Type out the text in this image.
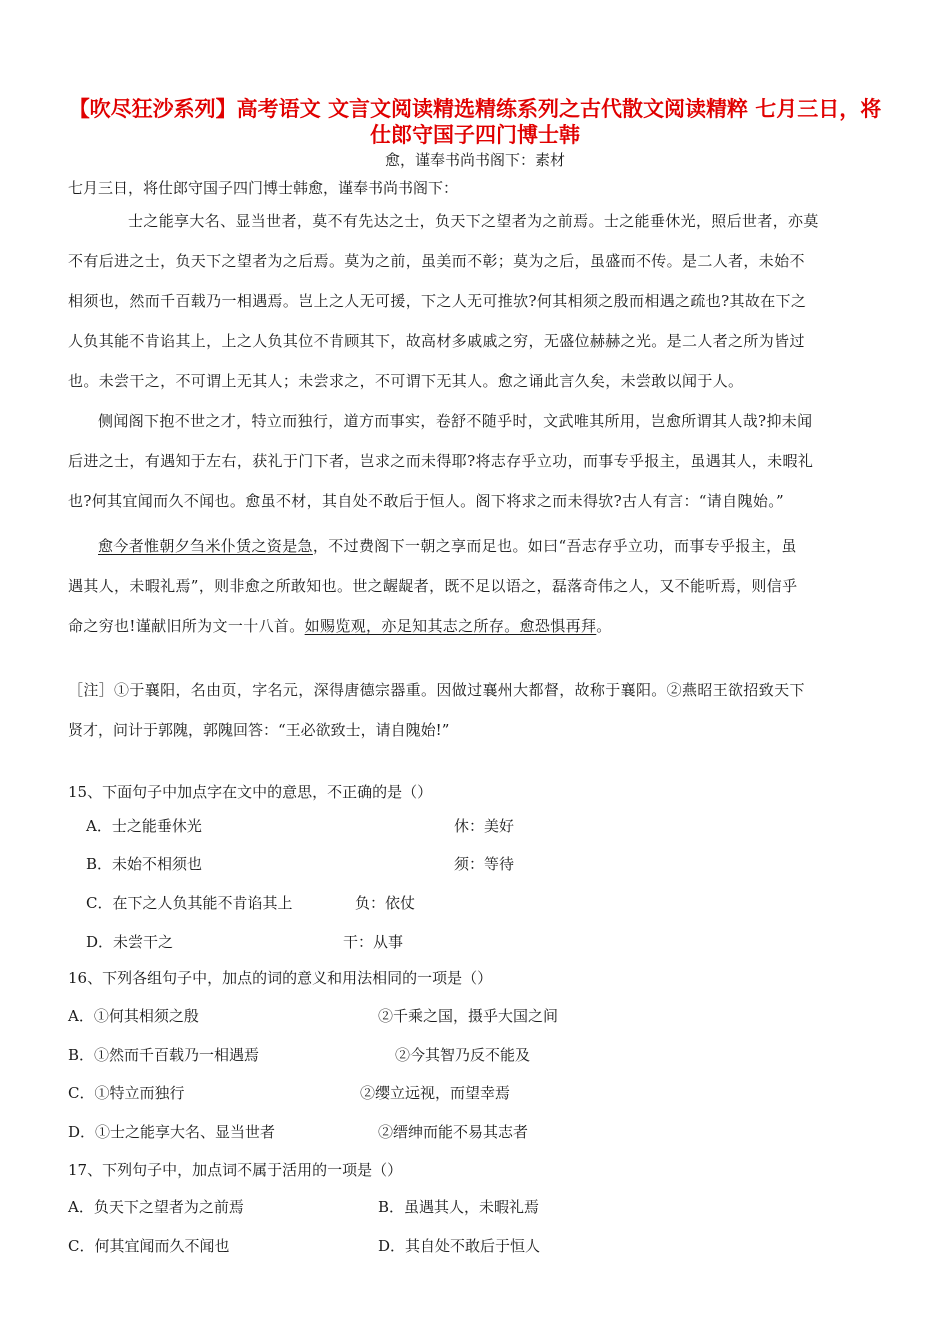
【吹尽狂沙系列】高考语文 文言文阅读精选精练系列之古代散文阅读精粹 七月三日，将仕郎守国子四门博士韩
愈，谨奉书尚书阁下：素材
七月三日，将仕郎守国子四门博士韩愈，谨奉书尚书阁下：
士之能享大名、显当世者，莫不有先达之士，负天下之望者为之前焉。士之能垂休光，照后世者，亦莫
不有后进之士，负天下之望者为之后焉。莫为之前，虽美而不彰；莫为之后，虽盛而不传。是二人者，未始不
相须也，然而千百载乃一相遇焉。岂上之人无可援，下之人无可推欤?何其相须之殷而相遇之疏也?其故在下之
人负其能不肯谄其上，上之人负其位不肯顾其下，故高材多戚戚之穷，无盛位赫赫之光。是二人者之所为皆过
也。未尝干之，不可谓上无其人；未尝求之，不可谓下无其人。愈之诵此言久矣，未尝敢以闻于人。
侧闻阁下抱不世之才，特立而独行，道方而事实，卷舒不随乎时，文武唯其所用，岂愈所谓其人哉?抑未闻
后进之士，有遇知于左右，获礼于门下者，岂求之而未得耶?将志存乎立功，而事专乎报主，虽遇其人，未暇礼
也?何其宜闻而久不闻也。愈虽不材，其自处不敢后于恒人。阁下将求之而未得欤?古人有言：“请自隗始。”
愈今者惟朝夕刍米仆赁之资是急，不过费阁下一朝之享而足也。如曰“吾志存乎立功，而事专乎报主，虽
遇其人，未暇礼焉”，则非愈之所敢知也。世之龌龊者，既不足以语之，磊落奇伟之人，又不能听焉，则信乎
命之穷也!谨献旧所为文一十八首。如赐览观，亦足知其志之所存。愈恐惧再拜。
［注］①于襄阳，名由页，字名元，深得唐德宗器重。因做过襄州大都督，故称于襄阳。②燕昭王欲招致天下
贤才，问计于郭隗，郭隗回答：“王必欲致士，请自隗始!”
15、下面句子中加点字在文中的意思，不正确的是（）
A．士之能垂休光	休：美好
B．未始不相须也	须：等待
C．在下之人负其能不肯谄其上	负：依仗
D．未尝干之	干：从事
16、下列各组句子中，加点的词的意义和用法相同的一项是（）
A．①何其相须之殷	②千乘之国，摄乎大国之间
B．①然而千百载乃一相遇焉	②今其智乃反不能及
C．①特立而独行	②缨立远视，而望幸焉
D．①士之能享大名、显当世者	②缙绅而能不易其志者
17、下列句子中，加点词不属于活用的一项是（）
A．负天下之望者为之前焉	B．虽遇其人，未暇礼焉
C．何其宜闻而久不闻也	D．其自处不敢后于恒人
